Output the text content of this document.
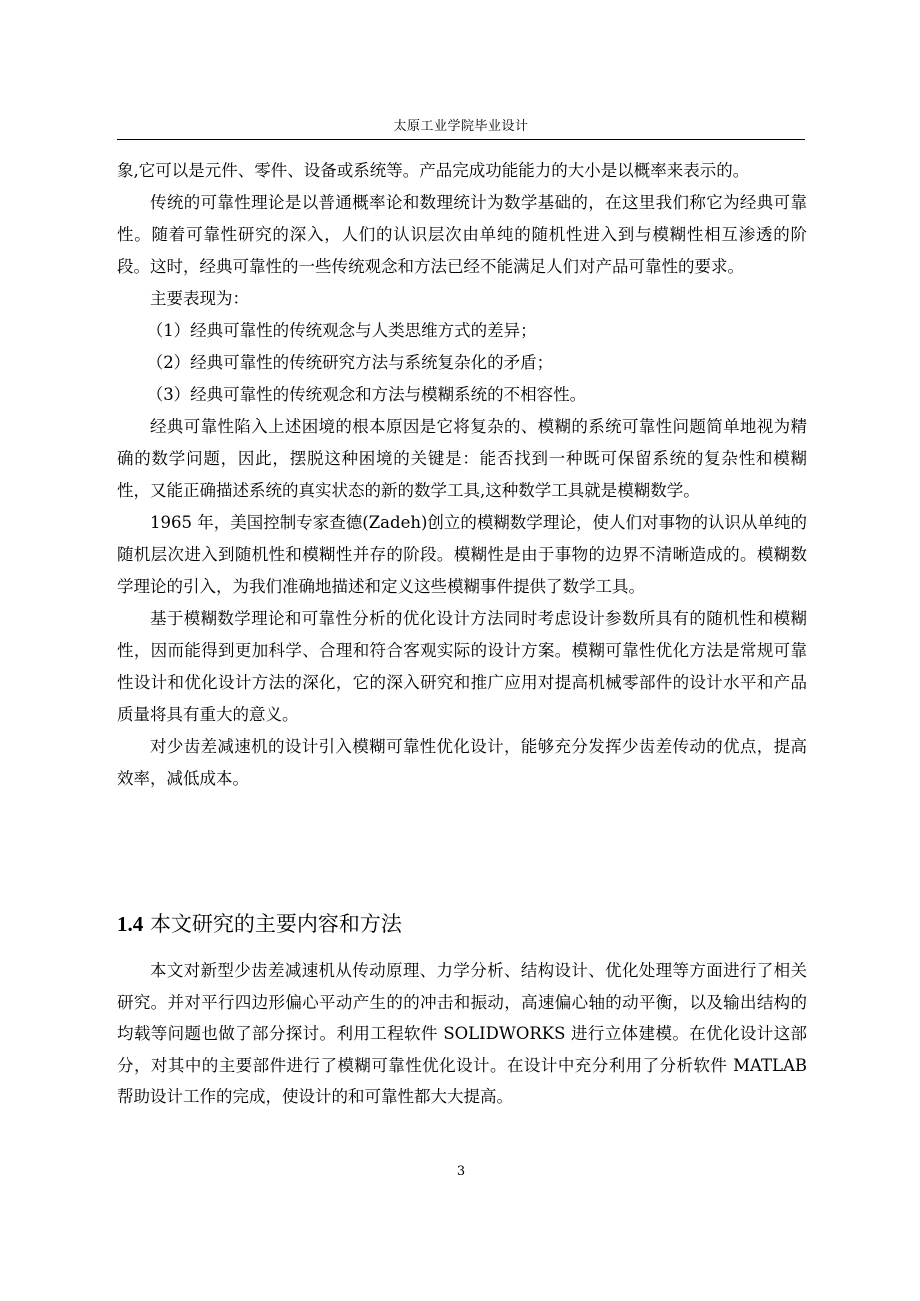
太原工业学院毕业设计

象,它可以是元件、零件、设备或系统等。产品完成功能能力的大小是以概率来表示的。

传统的可靠性理论是以普通概率论和数理统计为数学基础的，在这里我们称它为经典可靠性。随着可靠性研究的深入，人们的认识层次由单纯的随机性进入到与模糊性相互渗透的阶段。这时，经典可靠性的一些传统观念和方法已经不能满足人们对产品可靠性的要求。

主要表现为：

（1）经典可靠性的传统观念与人类思维方式的差异；

（2）经典可靠性的传统研究方法与系统复杂化的矛盾；

（3）经典可靠性的传统观念和方法与模糊系统的不相容性。

经典可靠性陷入上述困境的根本原因是它将复杂的、模糊的系统可靠性问题简单地视为精确的数学问题，因此，摆脱这种困境的关键是：能否找到一种既可保留系统的复杂性和模糊性，又能正确描述系统的真实状态的新的数学工具,这种数学工具就是模糊数学。

1965 年，美国控制专家查德(Zadeh)创立的模糊数学理论，使人们对事物的认识从单纯的随机层次进入到随机性和模糊性并存的阶段。模糊性是由于事物的边界不清晰造成的。模糊数学理论的引入，为我们准确地描述和定义这些模糊事件提供了数学工具。

基于模糊数学理论和可靠性分析的优化设计方法同时考虑设计参数所具有的随机性和模糊性，因而能得到更加科学、合理和符合客观实际的设计方案。模糊可靠性优化方法是常规可靠性设计和优化设计方法的深化，它的深入研究和推广应用对提高机械零部件的设计水平和产品质量将具有重大的意义。

对少齿差减速机的设计引入模糊可靠性优化设计，能够充分发挥少齿差传动的优点，提高效率，减低成本。

1.4 本文研究的主要内容和方法

本文对新型少齿差减速机从传动原理、力学分析、结构设计、优化处理等方面进行了相关研究。并对平行四边形偏心平动产生的的冲击和振动，高速偏心轴的动平衡，以及输出结构的均载等问题也做了部分探讨。利用工程软件 SOLIDWORKS 进行立体建模。在优化设计这部分，对其中的主要部件进行了模糊可靠性优化设计。在设计中充分利用了分析软件 MATLAB 帮助设计工作的完成，使设计的和可靠性都大大提高。

3
